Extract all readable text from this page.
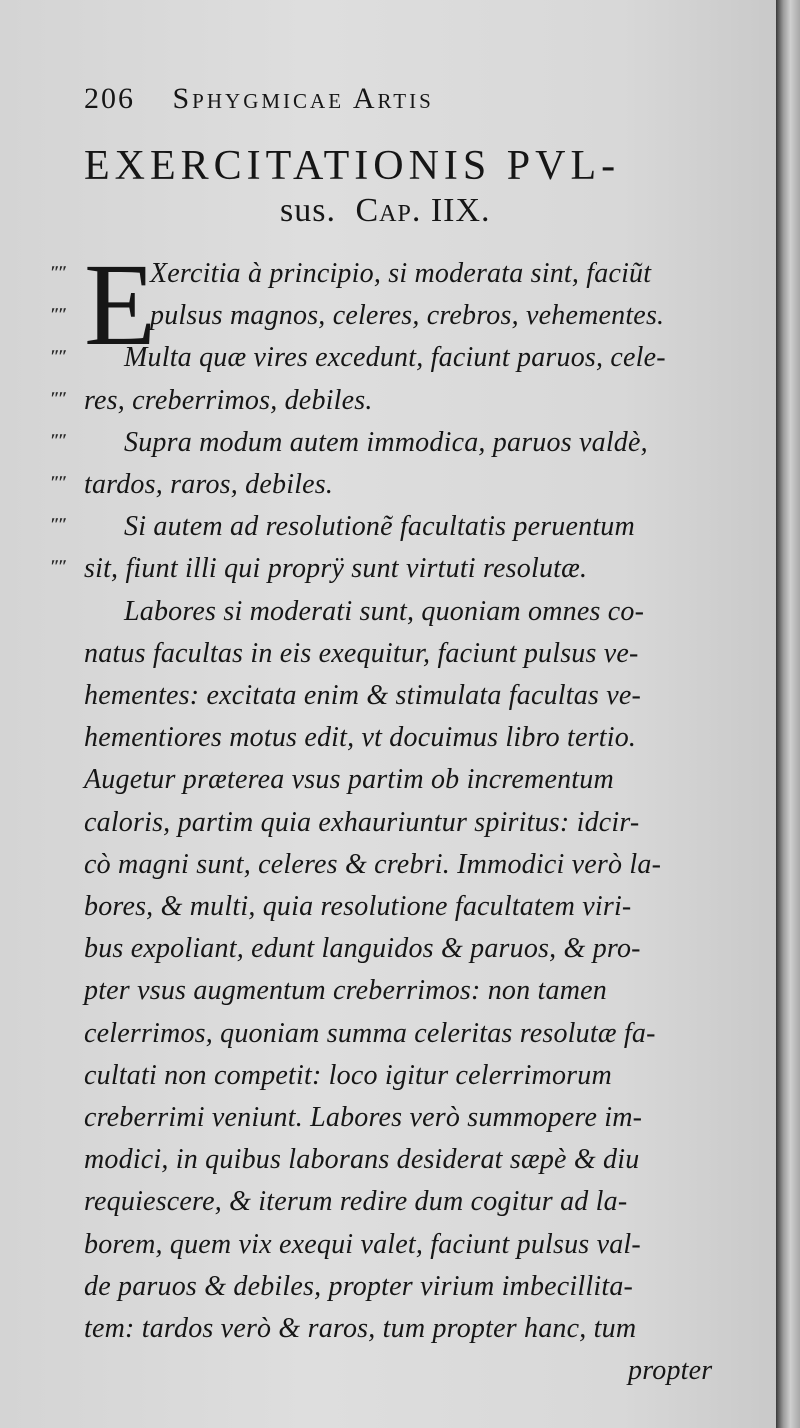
206 Sphygmicae Artis
EXERCITATIONIS PVL-
sus. Cap. IIX.
E
ʺʺ
ʺʺ
ʺʺ
ʺʺ
ʺʺ
ʺʺ
ʺʺ
ʺʺ
Xercitia à principio, si moderata sint, faciũt
pulsus magnos, celeres, crebros, vehementes.
Multa quæ vires excedunt, faciunt paruos, cele-
res, creberrimos, debiles.
Supra modum autem immodica, paruos valdè,
tardos, raros, debiles.
Si autem ad resolutionẽ facultatis peruentum
sit, fiunt illi qui proprÿ sunt virtuti resolutæ.
Labores si moderati sunt, quoniam omnes co-
natus facultas in eis exequitur, faciunt pulsus ve-
hementes: excitata enim & stimulata facultas ve-
hementiores motus edit, vt docuimus libro tertio.
Augetur præterea vsus partim ob incrementum
caloris, partim quia exhauriuntur spiritus: idcir-
cò magni sunt, celeres & crebri. Immodici verò la-
bores, & multi, quia resolutione facultatem viri-
bus expoliant, edunt languidos & paruos, & pro-
pter vsus augmentum creberrimos: non tamen
celerrimos, quoniam summa celeritas resolutæ fa-
cultati non competit: loco igitur celerrimorum
creberrimi veniunt. Labores verò summopere im-
modici, in quibus laborans desiderat sæpè & diu
requiescere, & iterum redire dum cogitur ad la-
borem, quem vix exequi valet, faciunt pulsus val-
de paruos & debiles, propter virium imbecillita-
tem: tardos verò & raros, tum propter hanc, tum
propter
